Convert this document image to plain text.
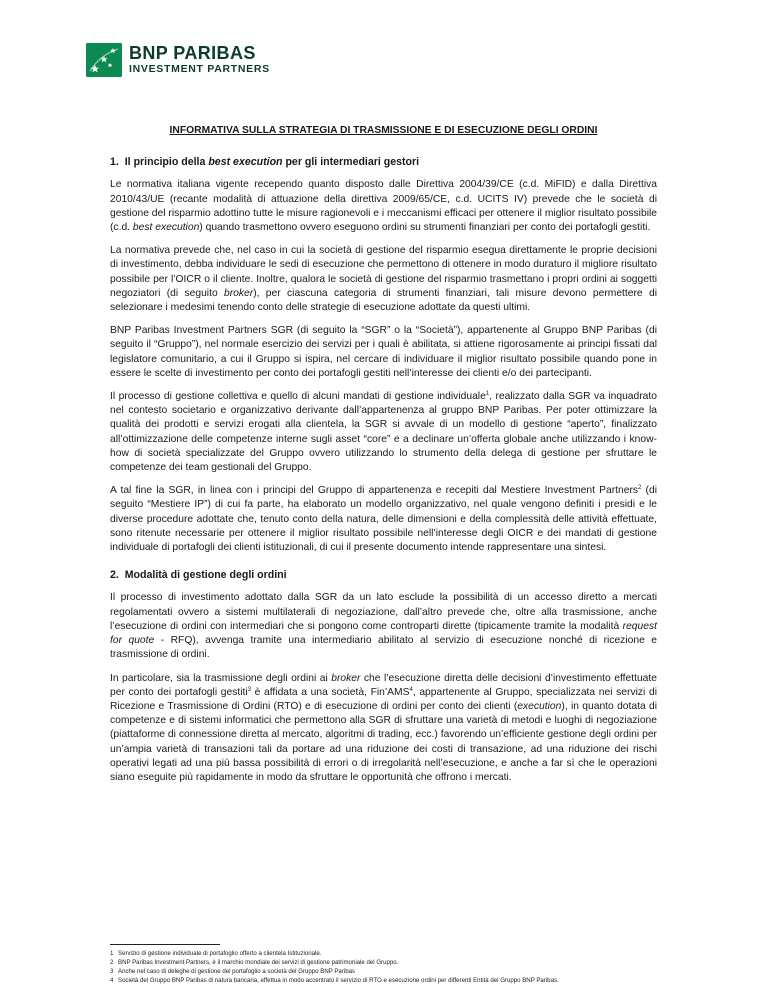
BNP PARIBAS
INVESTMENT PARTNERS
INFORMATIVA SULLA STRATEGIA DI TRASMISSIONE E DI ESECUZIONE DEGLI ORDINI
1. Il principio della best execution per gli intermediari gestori

Le normativa italiana vigente recependo quanto disposto dalle Direttiva 2004/39/CE (c.d. MiFID) e dalla Direttiva 2010/43/UE (recante modalità di attuazione della direttiva 2009/65/CE, c.d. UCITS IV) prevede che le società di gestione del risparmio adottino tutte le misure ragionevoli e i meccanismi efficaci per ottenere il miglior risultato possibile (c.d. best execution) quando trasmettono ovvero eseguono ordini su strumenti finanziari per conto dei portafogli gestiti.

La normativa prevede che, nel caso in cui la società di gestione del risparmio esegua direttamente le proprie decisioni di investimento, debba individuare le sedi di esecuzione che permettono di ottenere in modo duraturo il migliore risultato possibile per l’OICR o il cliente. Inoltre, qualora le società di gestione del risparmio trasmettano i propri ordini ai soggetti negoziatori (di seguito broker), per ciascuna categoria di strumenti finanziari, tali misure devono permettere di selezionare i medesimi tenendo conto delle strategie di esecuzione adottate da questi ultimi.

BNP Paribas Investment Partners SGR (di seguito la “SGR” o la “Società”), appartenente al Gruppo BNP Paribas (di seguito il “Gruppo”), nel normale esercizio dei servizi per i quali è abilitata, si attiene rigorosamente ai principi fissati dal legislatore comunitario, a cui il Gruppo si ispira, nel cercare di individuare il miglior risultato possibile quando pone in essere le scelte di investimento per conto dei portafogli gestiti nell’interesse dei clienti e/o dei partecipanti.

Il processo di gestione collettiva e quello di alcuni mandati di gestione individuale$^1$, realizzato dalla SGR va inquadrato nel contesto societario e organizzativo derivante dall’appartenenza al gruppo BNP Paribas. Per poter ottimizzare la qualità dei prodotti e servizi erogati alla clientela, la SGR si avvale di un modello di gestione “aperto”, finalizzato all’ottimizzazione delle competenze interne sugli asset “core” e a declinare un’offerta globale anche utilizzando i know-how di società specializzate del Gruppo ovvero utilizzando lo strumento della delega di gestione per sfruttare le competenze dei team gestionali del Gruppo.

A tal fine la SGR, in linea con i principi del Gruppo di appartenenza e recepiti dal Mestiere Investment Partners$^2$ (di seguito “Mestiere IP”) di cui fa parte, ha elaborato un modello organizzativo, nel quale vengono definiti i presidi e le diverse procedure adottate che, tenuto conto della natura, delle dimensioni e della complessità delle attività effettuate, sono ritenute necessarie per ottenere il miglior risultato possibile nell’interesse degli OICR e dei mandati di gestione individuale di portafogli dei clienti istituzionali, di cui il presente documento intende rappresentare una sintesi.

2. Modalità di gestione degli ordini

Il processo di investimento adottato dalla SGR da un lato esclude la possibilità di un accesso diretto a mercati regolamentati ovvero a sistemi multilaterali di negoziazione, dall’altro prevede che, oltre alla trasmissione, anche l’esecuzione di ordini con intermediari che si pongono come controparti dirette (tipicamente tramite la modalità request for quote - RFQ), avvenga tramite una intermediario abilitato al servizio di esecuzione nonché di ricezione e trasmissione di ordini.

In particolare, sia la trasmissione degli ordini ai broker che l’esecuzione diretta delle decisioni d’investimento effettuate per conto dei portafogli gestiti$^3$ è affidata a una società, Fin’AMS$^4$, appartenente al Gruppo, specializzata nei servizi di Ricezione e Trasmissione di Ordini (RTO) e di esecuzione di ordini per conto dei clienti (execution), in quanto dotata di competenze e di sistemi informatici che permettono alla SGR di sfruttare una varietà di metodi e luoghi di negoziazione (piattaforme di connessione diretta al mercato, algoritmi di trading, ecc.) favorendo un’efficiente gestione degli ordini per un’ampia varietà di transazioni tali da portare ad una riduzione dei costi di transazione, ad una riduzione dei rischi operativi legati ad una più bassa possibilità di errori o di irregolarità nell’esecuzione, e anche a far sì che le operazioni siano eseguite più rapidamente in modo da sfruttare le opportunità che offrono i mercati.

1 Servizio di gestione individuale di portafoglio offerto a clientela Istituzionale.
2 BNP Paribas Investment Partners, è il marchio mondiale dei servizi di gestione patrimoniale del Gruppo.
3 Anche nel caso di deleghe di gestione del portafoglio a società del Gruppo BNP Paribas
4 Società del Gruppo BNP Paribas di natura bancaria, effettua in modo accentrato il servizio di RTO e esecuzione ordini per differenti Entità del Gruppo BNP Paribas.
